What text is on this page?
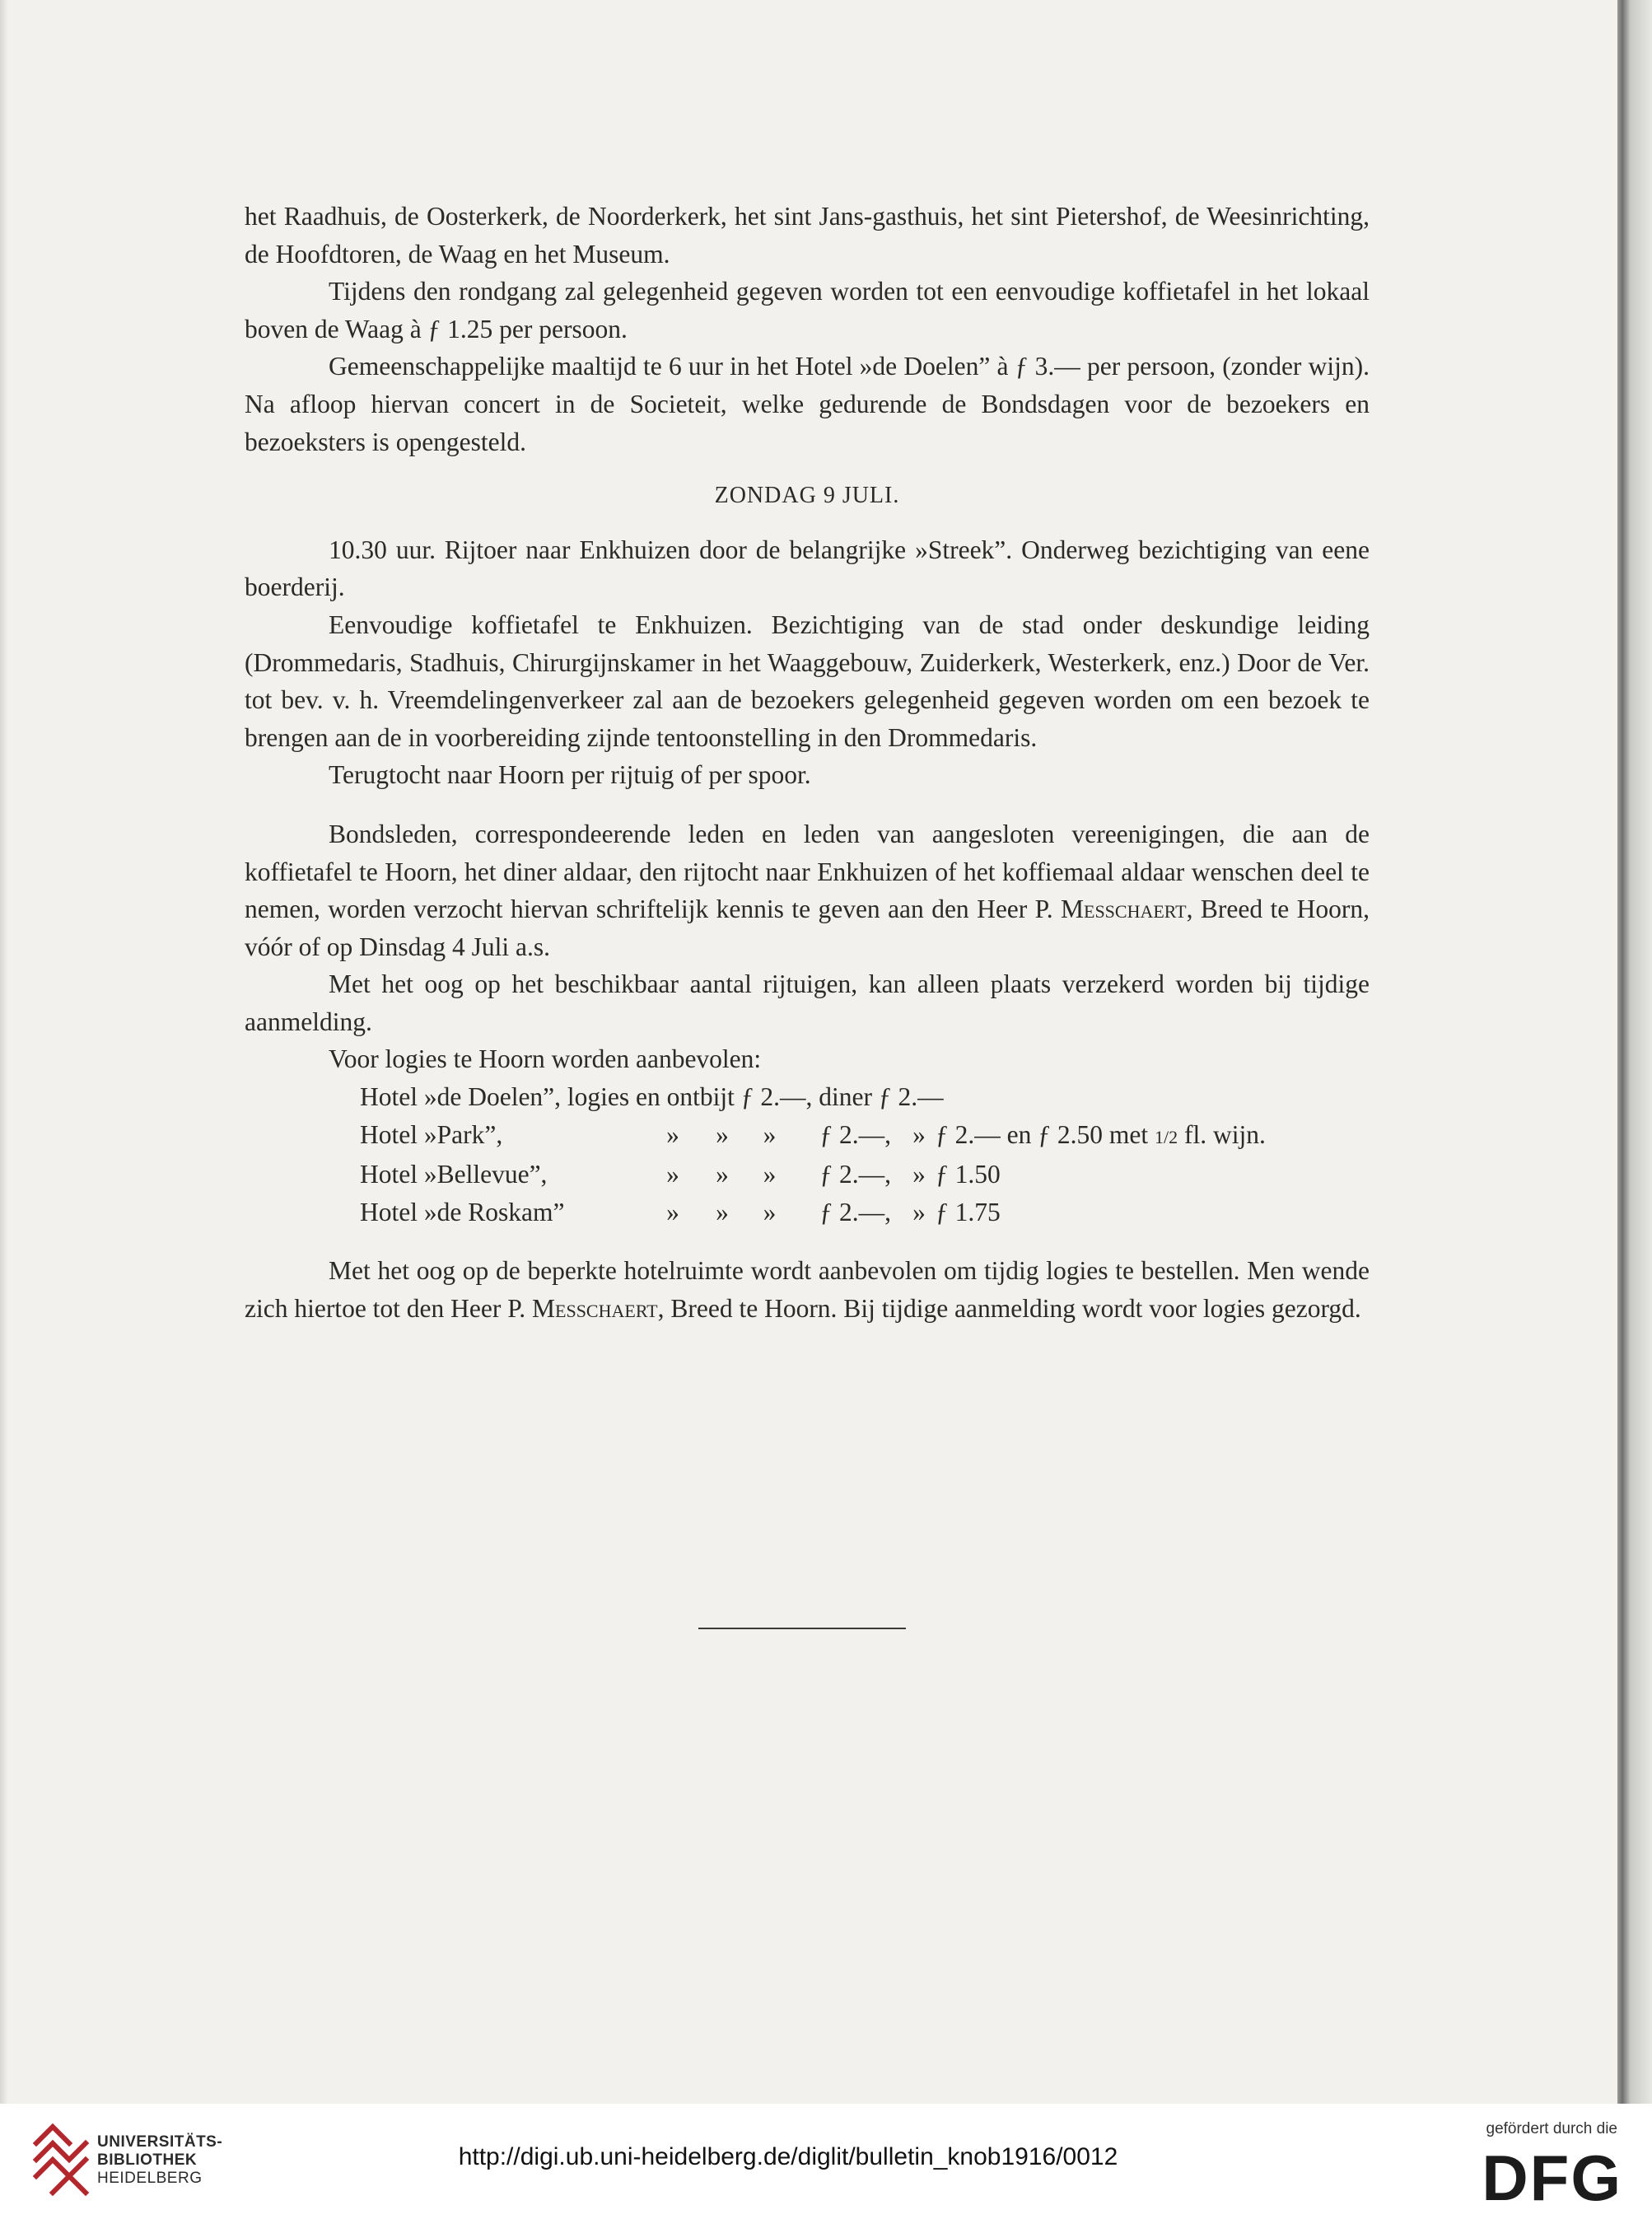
het Raadhuis, de Oosterkerk, de Noorderkerk, het sint Jans-gasthuis, het sint Pietershof, de Weesinrichting, de Hoofdtoren, de Waag en het Museum.

Tijdens den rondgang zal gelegenheid gegeven worden tot een eenvoudige koffietafel in het lokaal boven de Waag à ƒ 1.25 per persoon.

Gemeenschappelijke maaltijd te 6 uur in het Hotel »de Doelen” à ƒ 3.— per persoon, (zonder wijn). Na afloop hiervan concert in de Societeit, welke gedurende de Bondsdagen voor de bezoekers en bezoeksters is opengesteld.

ZONDAG 9 JULI.

10.30 uur. Rijtoer naar Enkhuizen door de belangrijke »Streek”. Onderweg bezichtiging van eene boerderij.

Eenvoudige koffietafel te Enkhuizen. Bezichtiging van de stad onder deskundige leiding (Drommedaris, Stadhuis, Chirurgijnskamer in het Waaggebouw, Zuiderkerk, Westerkerk, enz.) Door de Ver. tot bev. v. h. Vreemdelingenverkeer zal aan de bezoekers gelegenheid gegeven worden om een bezoek te brengen aan de in voorbereiding zijnde tentoonstelling in den Drommedaris.

Terugtocht naar Hoorn per rijtuig of per spoor.

Bondsleden, correspondeerende leden en leden van aangesloten vereenigingen, die aan de koffietafel te Hoorn, het diner aldaar, den rijtocht naar Enkhuizen of het koffiemaal aldaar wenschen deel te nemen, worden verzocht hiervan schriftelijk kennis te geven aan den Heer P. Messchaert, Breed te Hoorn, vóór of op Dinsdag 4 Juli a.s.

Met het oog op het beschikbaar aantal rijtuigen, kan alleen plaats verzekerd worden bij tijdige aanmelding.

Voor logies te Hoorn worden aanbevolen:

Hotel »de Doelen”, logies en ontbijt ƒ 2.—, diner ƒ 2.—
Hotel »Park”,	»	»	»	ƒ 2.—, » ƒ 2.— en ƒ 2.50 met 1/2 fl. wijn.
Hotel »Bellevue”,	»	»	»	ƒ 2.—, » ƒ 1.50
Hotel »de Roskam”	»	»	»	ƒ 2.—, » ƒ 1.75

Met het oog op de beperkte hotelruimte wordt aanbevolen om tijdig logies te bestellen. Men wende zich hiertoe tot den Heer P. Messchaert, Breed te Hoorn. Bij tijdige aanmelding wordt voor logies gezorgd.

UNIVERSITÄTS-
BIBLIOTHEK
HEIDELBERG
http://digi.ub.uni-heidelberg.de/diglit/bulletin_knob1916/0012
gefördert durch die
DFG
